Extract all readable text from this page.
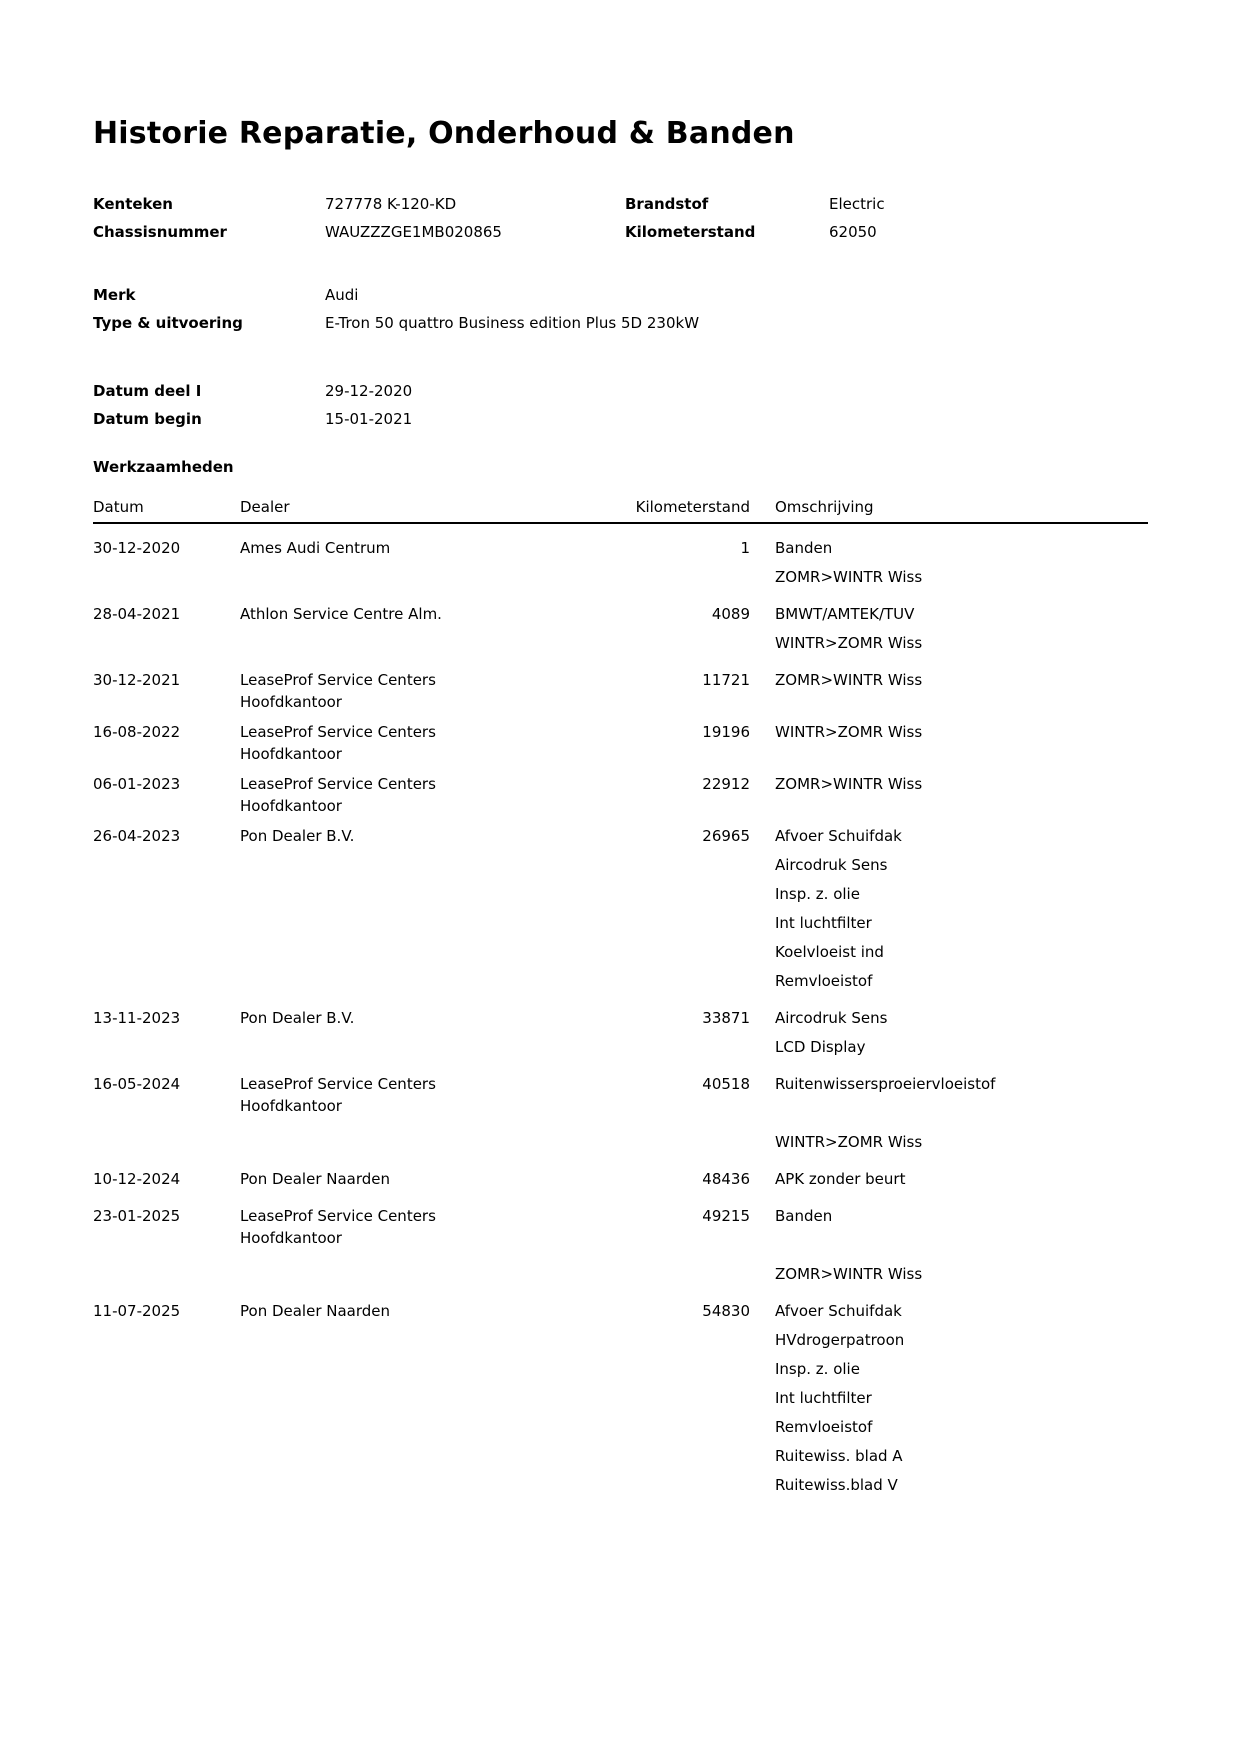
Historie Reparatie, Onderhoud & Banden
Kenteken	727778 K-120-KD	Brandstof	Electric
Chassisnummer	WAUZZZGE1MB020865	Kilometerstand	62050
Merk	Audi
Type & uitvoering	E-Tron 50 quattro Business edition Plus 5D 230kW
Datum deel I	29-12-2020
Datum begin	15-01-2021
Werkzaamheden
Datum	Dealer	Kilometerstand Omschrijving
30-12-2020	Ames Audi Centrum	1 Banden
ZOMR>WINTR Wiss
28-04-2021	Athlon Service Centre Alm.	4089 BMWT/AMTEK/TUV
WINTR>ZOMR Wiss
30-12-2021	LeaseProf Service Centers Hoofdkantoor
11721 ZOMR>WINTR Wiss
16-08-2022	LeaseProf Service Centers Hoofdkantoor
19196 WINTR>ZOMR Wiss
06-01-2023	LeaseProf Service Centers Hoofdkantoor
22912 ZOMR>WINTR Wiss
26-04-2023	Pon Dealer B.V.	26965 Afvoer Schuifdak
Aircodruk Sens
Insp. z. olie
Int luchtfilter
Koelvloeist ind
Remvloeistof
13-11-2023	Pon Dealer B.V.	33871 Aircodruk Sens
LCD Display
16-05-2024	LeaseProf Service Centers Hoofdkantoor
40518 Ruitenwissersproeiervloeistof
WINTR>ZOMR Wiss
10-12-2024	Pon Dealer Naarden	48436 APK zonder beurt
23-01-2025	LeaseProf Service Centers Hoofdkantoor
49215 Banden
ZOMR>WINTR Wiss
11-07-2025	Pon Dealer Naarden	54830 Afvoer Schuifdak
HVdrogerpatroon
Insp. z. olie
Int luchtfilter
Remvloeistof
Ruitewiss. blad A
Ruitewiss.blad V
